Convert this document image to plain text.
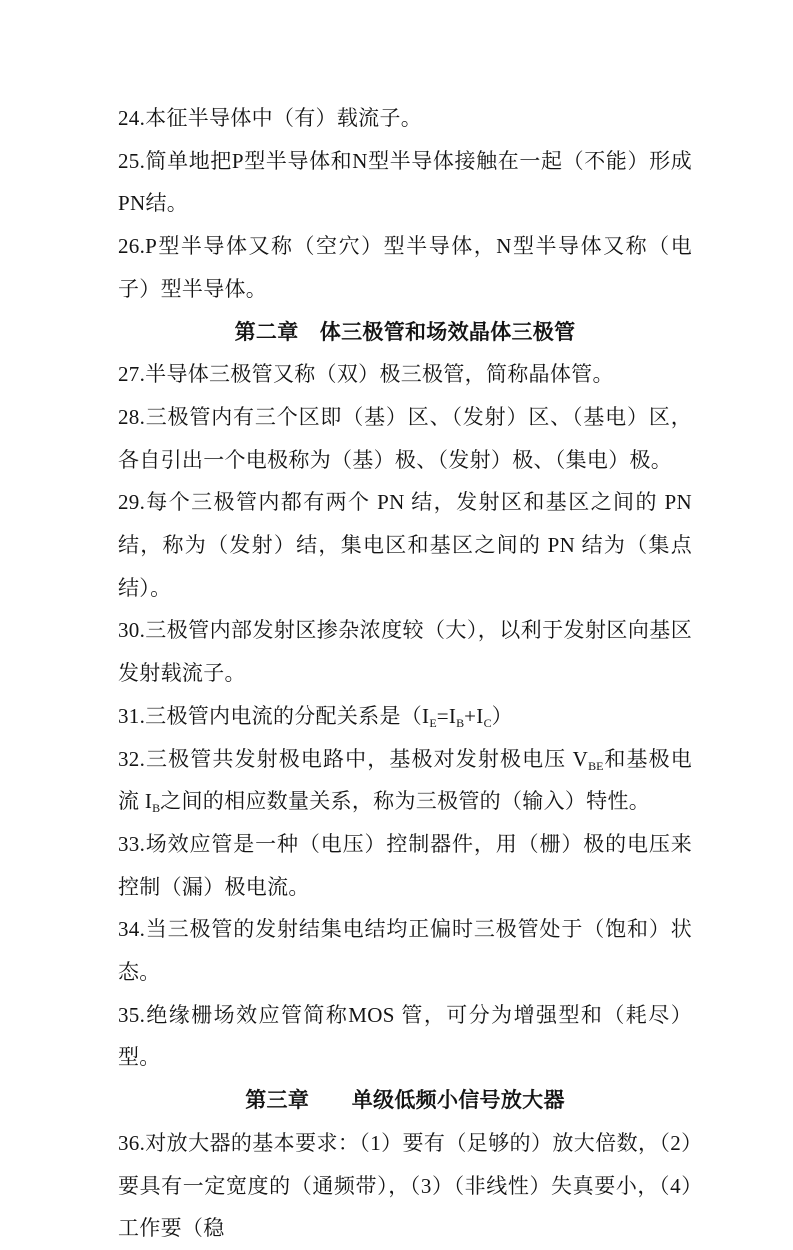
24.本征半导体中（有）载流子。

25.简单地把P型半导体和N型半导体接触在一起（不能）形成PN结。

26.P型半导体又称（空穴）型半导体，N型半导体又称（电子）型半导体。

第二章　体三极管和场效晶体三极管

27.半导体三极管又称（双）极三极管，简称晶体管。

28.三极管内有三个区即（基）区、（发射）区、（基电）区，各自引出一个电极称为（基）极、（发射）极、（集电）极。

29.每个三极管内都有两个 PN 结，发射区和基区之间的 PN 结，称为（发射）结，集电区和基区之间的 PN 结为（集点结）。

30.三极管内部发射区掺杂浓度较（大），以利于发射区向基区发射载流子。

31.三极管内电流的分配关系是$(I_E=I_B+I_C)$

32.三极管共发射极电路中，基极对发射极电压 $V_{BE}$和基极电流 $I_B$之间的相应数量关系，称为三极管的（输入）特性。

33.场效应管是一种（电压）控制器件，用（栅）极的电压来控制（漏）极电流。

34.当三极管的发射结集电结均正偏时三极管处于（饱和）状态。

35.绝缘栅场效应管简称MOS 管，可分为增强型和（耗尽）型。

第三章　　单级低频小信号放大器

36.对放大器的基本要求：（1）要有（足够的）放大倍数，（2）要具有一定宽度的（通频带），（3）（非线性）失真要小，（4）工作要（稳
